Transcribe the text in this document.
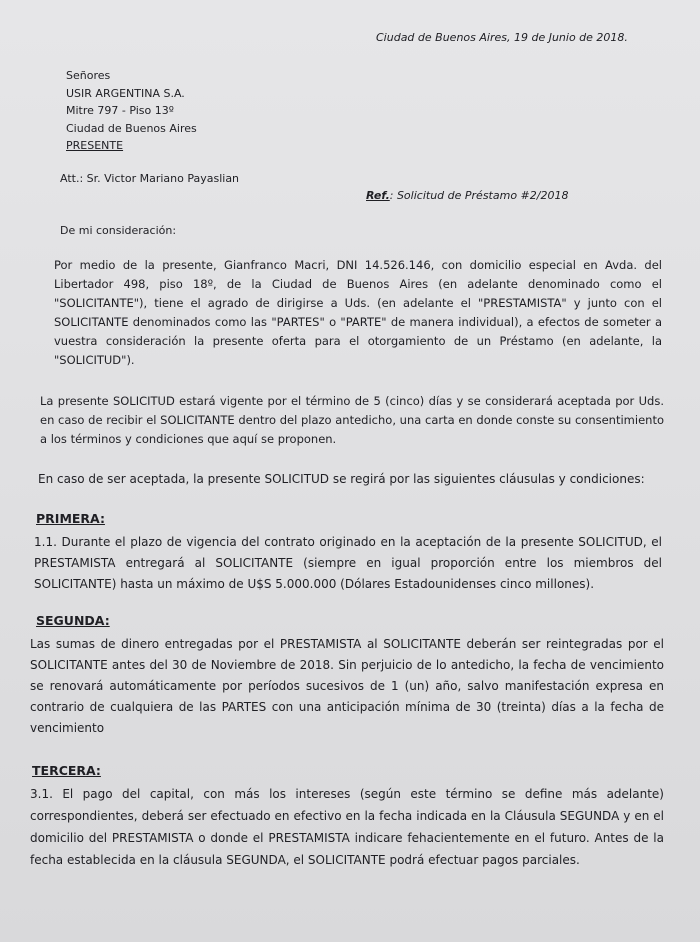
Ciudad de Buenos Aires, 19 de Junio de 2018.
Señores
USIR ARGENTINA S.A.
Mitre 797 - Piso 13º
Ciudad de Buenos Aires
PRESENTE
Att.: Sr. Victor Mariano Payaslian
Ref.: Solicitud de Préstamo #2/2018
De mi consideración:

Por medio de la presente, Gianfranco Macri, DNI 14.526.146, con domicilio especial en Avda. del Libertador 498, piso 18º, de la Ciudad de Buenos Aires (en adelante denominado como el "SOLICITANTE"), tiene el agrado de dirigirse a Uds. (en adelante el "PRESTAMISTA" y junto con el SOLICITANTE denominados como las "PARTES" o "PARTE" de manera individual), a efectos de someter a vuestra consideración la presente oferta para el otorgamiento de un Préstamo (en adelante, la "SOLICITUD").

La presente SOLICITUD estará vigente por el término de 5 (cinco) días y se considerará aceptada por Uds. en caso de recibir el SOLICITANTE dentro del plazo antedicho, una carta en donde conste su consentimiento a los términos y condiciones que aquí se proponen.

En caso de ser aceptada, la presente SOLICITUD se regirá por las siguientes cláusulas y condiciones:

PRIMERA:

1.1. Durante el plazo de vigencia del contrato originado en la aceptación de la presente SOLICITUD, el PRESTAMISTA entregará al SOLICITANTE (siempre en igual proporción entre los miembros del SOLICITANTE) hasta un máximo de U$S 5.000.000 (Dólares Estadounidenses cinco millones).

SEGUNDA:

Las sumas de dinero entregadas por el PRESTAMISTA al SOLICITANTE deberán ser reintegradas por el SOLICITANTE antes del 30 de Noviembre de 2018. Sin perjuicio de lo antedicho, la fecha de vencimiento se renovará automáticamente por períodos sucesivos de 1 (un) año, salvo manifestación expresa en contrario de cualquiera de las PARTES con una anticipación mínima de 30 (treinta) días a la fecha de vencimiento

TERCERA:

3.1. El pago del capital, con más los intereses (según este término se define más adelante) correspondientes, deberá ser efectuado en efectivo en la fecha indicada en la Cláusula SEGUNDA y en el domicilio del PRESTAMISTA o donde el PRESTAMISTA indicare fehacientemente en el futuro. Antes de la fecha establecida en la cláusula SEGUNDA, el SOLICITANTE podrá efectuar pagos parciales.
